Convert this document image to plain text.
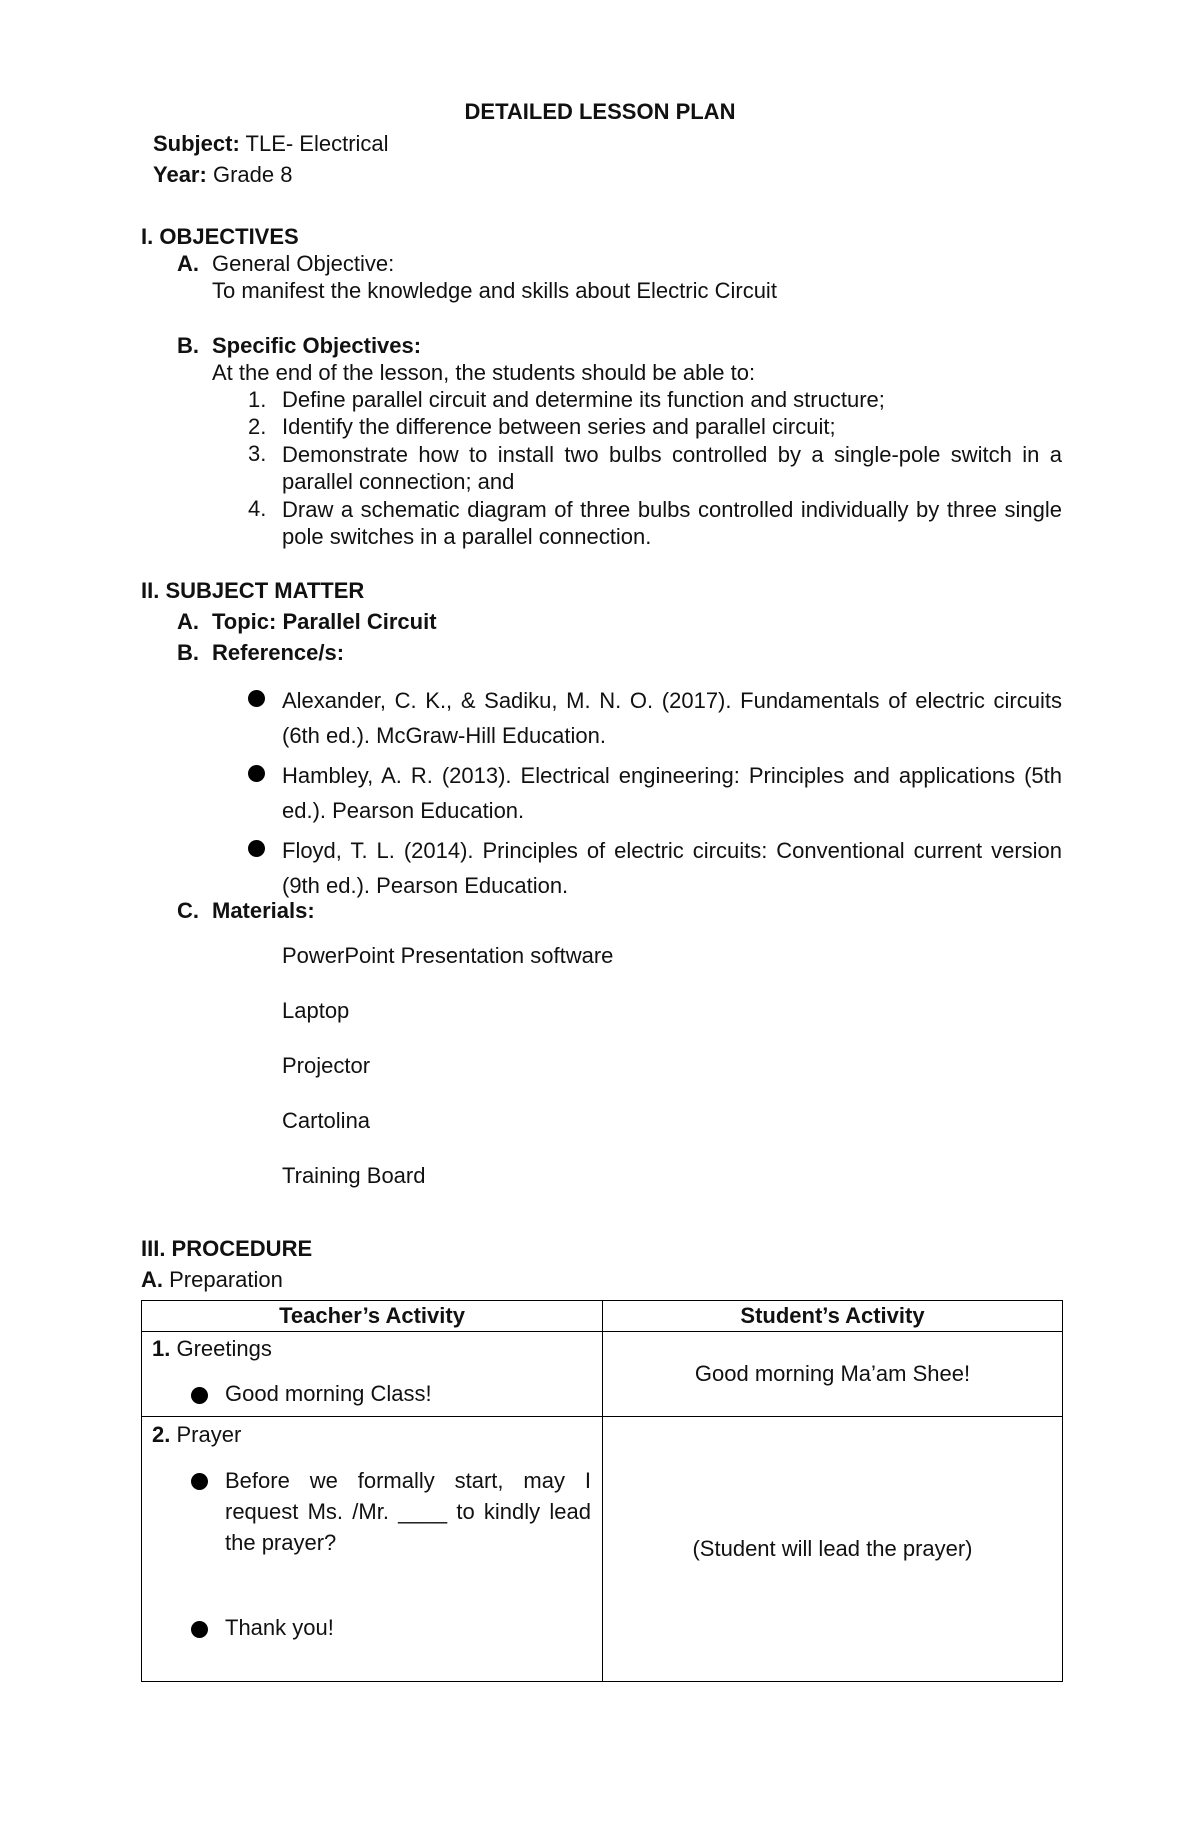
DETAILED LESSON PLAN
Subject: TLE- Electrical
Year: Grade 8
I. OBJECTIVES
A. General Objective:
To manifest the knowledge and skills about Electric Circuit
B. Specific Objectives:
At the end of the lesson, the students should be able to:
1. Define parallel circuit and determine its function and structure;
2. Identify the difference between series and parallel circuit;
3. Demonstrate how to install two bulbs controlled by a single-pole switch in a parallel connection; and
4. Draw a schematic diagram of three bulbs controlled individually by three single pole switches in a parallel connection.
II. SUBJECT MATTER
A. Topic: Parallel Circuit
B. Reference/s:
Alexander, C. K., & Sadiku, M. N. O. (2017). Fundamentals of electric circuits (6th ed.). McGraw-Hill Education.
Hambley, A. R. (2013). Electrical engineering: Principles and applications (5th ed.). Pearson Education.
Floyd, T. L. (2014). Principles of electric circuits: Conventional current version (9th ed.). Pearson Education.
C. Materials:
PowerPoint Presentation software
Laptop
Projector
Cartolina
Training Board
III. PROCEDURE
A. Preparation
Teacher’s Activity	Student’s Activity

1. Greetings
Good morning Class!	Good morning Ma’am Shee!

2. Prayer
Before we formally start, may I request Ms. /Mr. ____ to kindly lead the prayer?
Thank you!	(Student will lead the prayer)
